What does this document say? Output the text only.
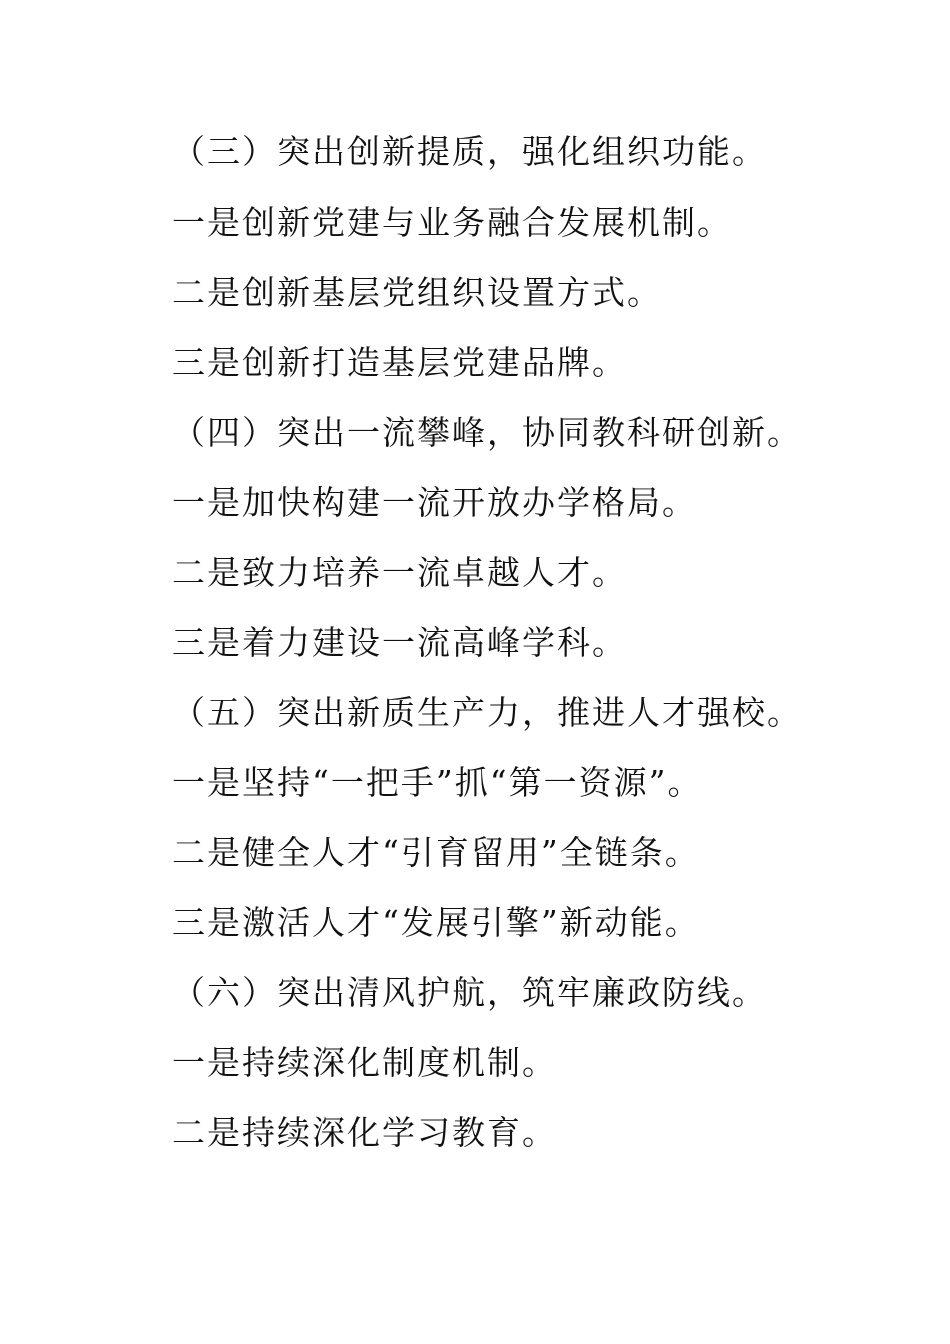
（三）突出创新提质，强化组织功能。
一是创新党建与业务融合发展机制。
二是创新基层党组织设置方式。
三是创新打造基层党建品牌。
（四）突出一流攀峰，协同教科研创新。
一是加快构建一流开放办学格局。
二是致力培养一流卓越人才。
三是着力建设一流高峰学科。
（五）突出新质生产力，推进人才强校。
一是坚持“一把手”抓“第一资源”。
二是健全人才“引育留用”全链条。
三是激活人才“发展引擎”新动能。
（六）突出清风护航，筑牢廉政防线。
一是持续深化制度机制。
二是持续深化学习教育。
